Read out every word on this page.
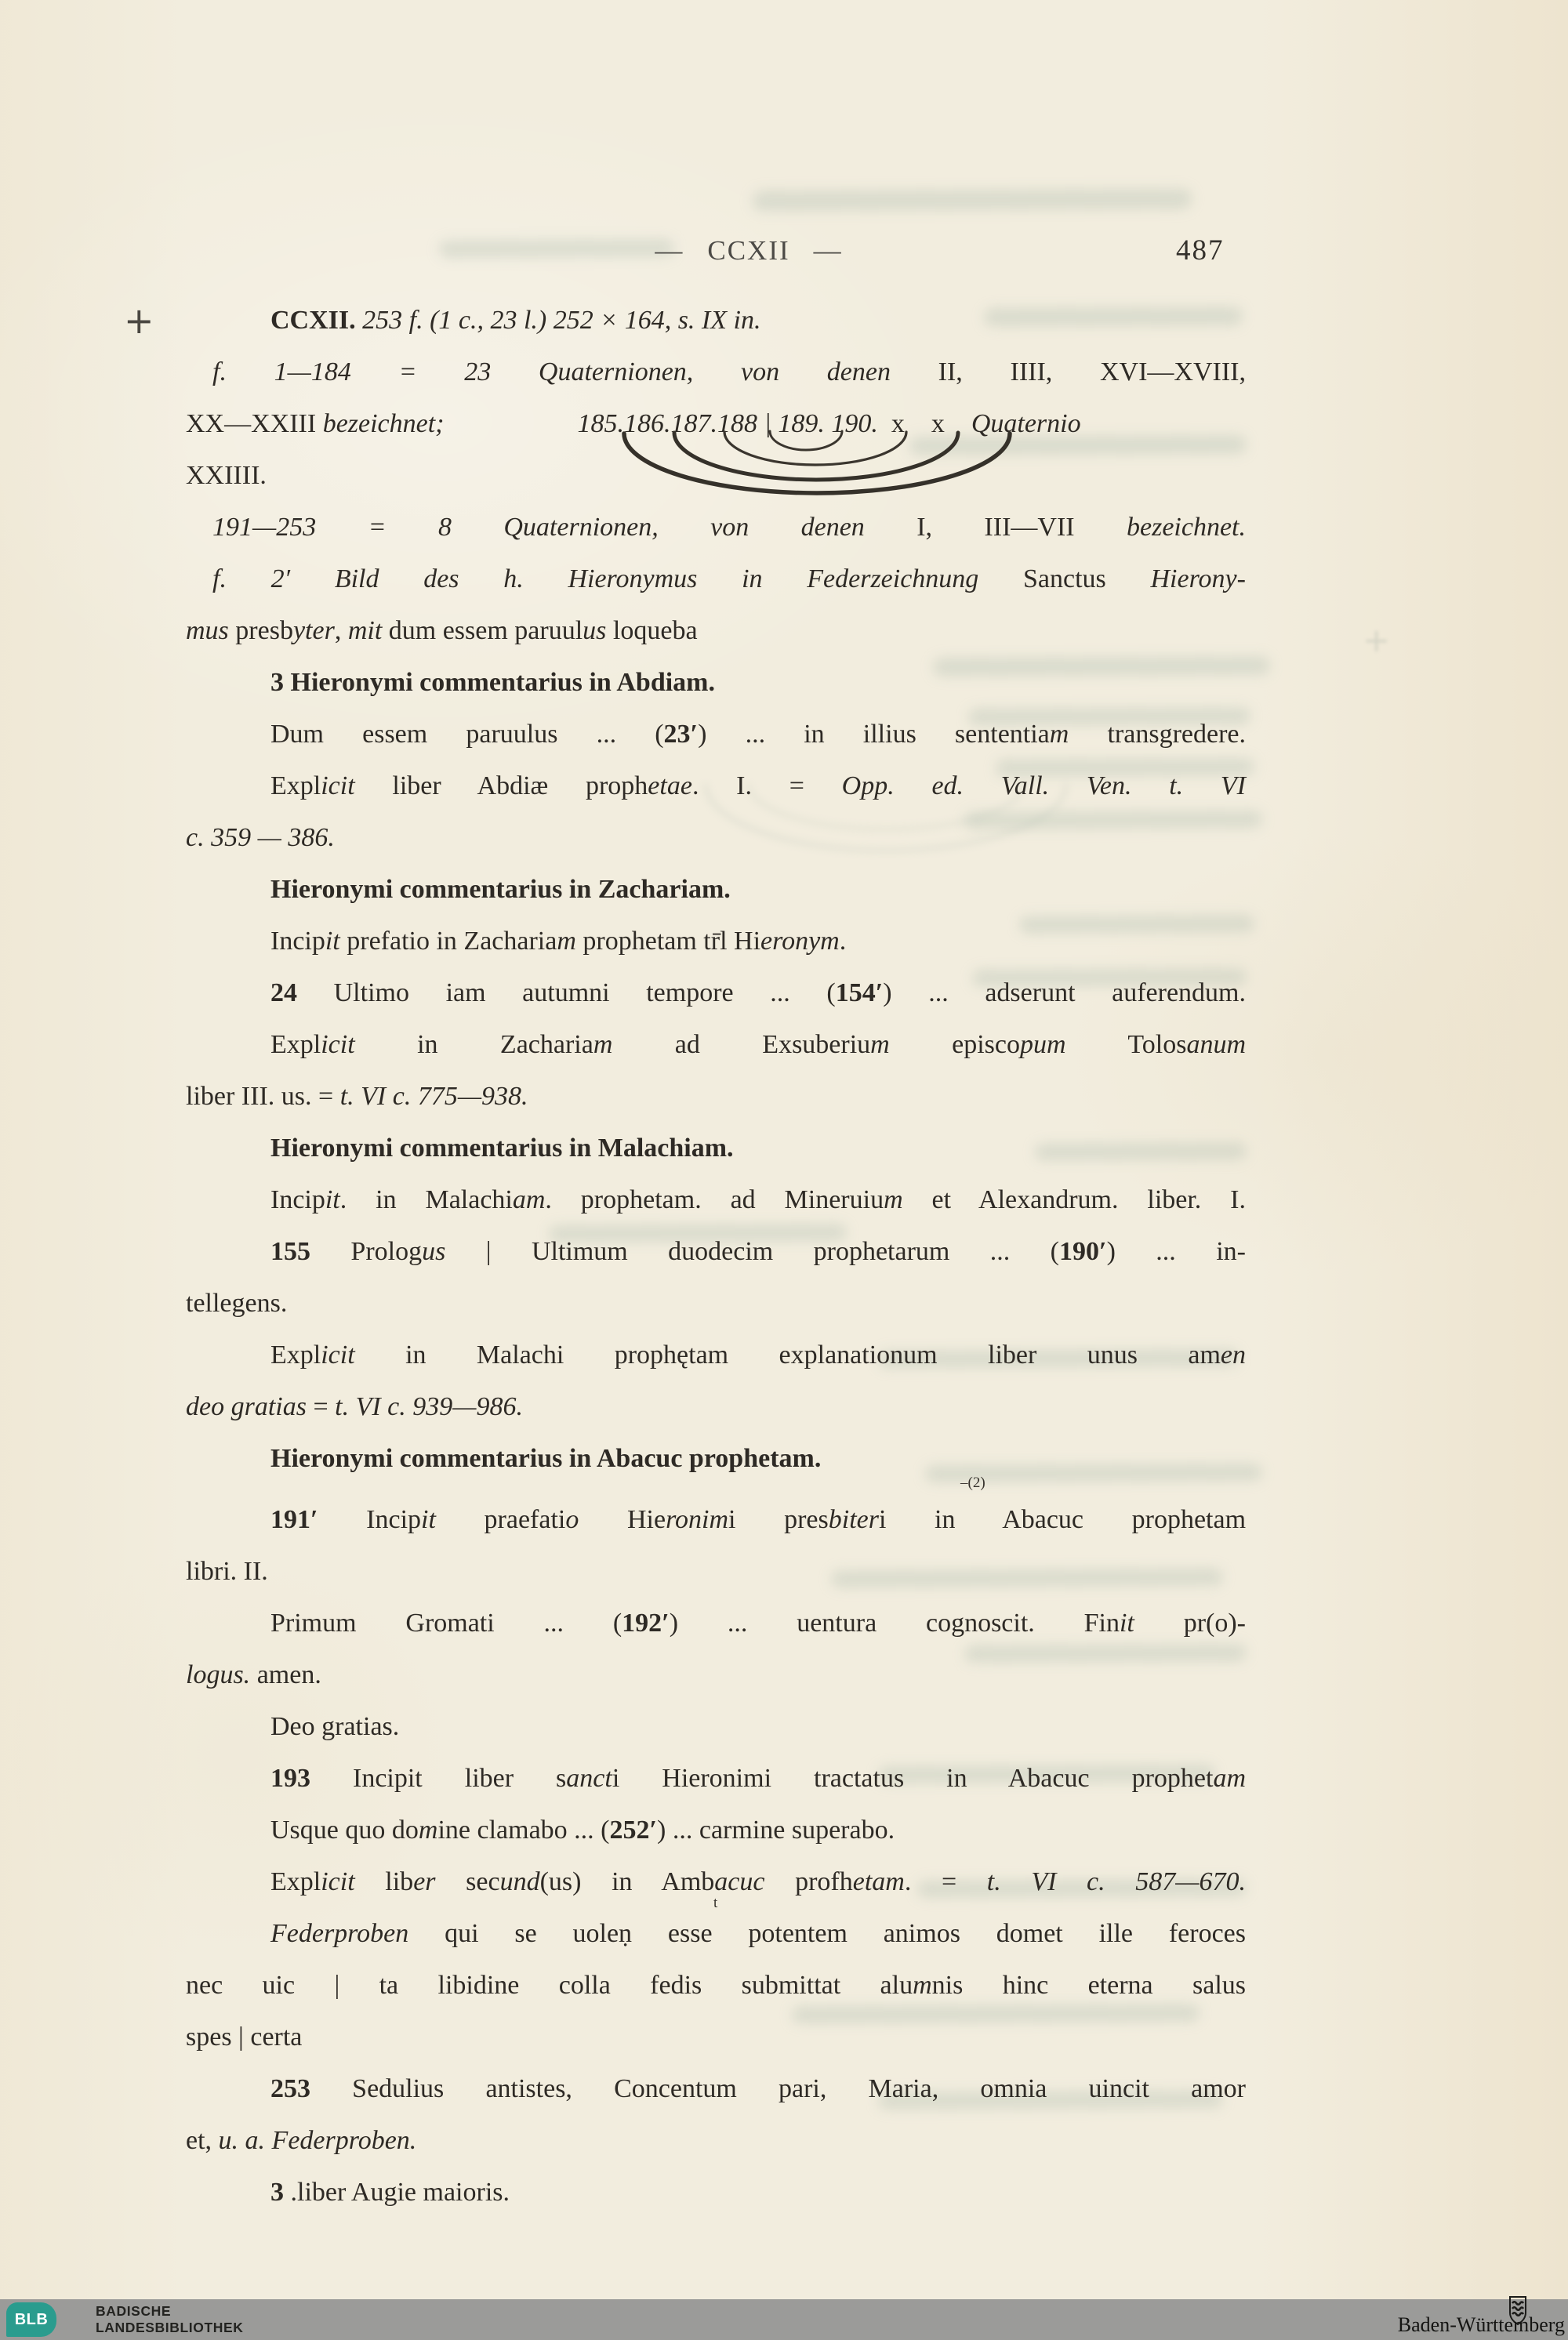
+
+
— CCXII —	487
CCXII. 253 f. (1 c., 23 l.) 252 × 164, s. IX in.
f. 1—184 = 23 Quaternionen, von denen II, IIII, XVI—XVIII,
XX—XXIII bezeichnet;     185.186.187.188 | 189. 190. x x Quaternio
XXIIII.
191—253 = 8 Quaternionen, von denen I, III—VII bezeichnet.
f. 2′ Bild des h. Hieronymus in Federzeichnung Sanctus Hierony-
mus presbyter, mit dum essem paruulus loqueba
3 Hieronymi commentarius in Abdiam.
Dum essem paruulus ... (23′) ... in illius sententiam transgredere.
Explicit liber Abdiæ prophetae. I. = Opp. ed. Vall. Ven. t. VI
c. 359 — 386.
Hieronymi commentarius in Zachariam.
Incipit prefatio in Zachariam prophetam tr̄l Hieronym.
24 Ultimo iam autumni tempore ... (154′) ... adserunt auferendum.
Explicit in Zachariam ad Exsuberium episcopum Tolosanum
liber III. us. = t. VI c. 775—938.
Hieronymi commentarius in Malachiam.
Incipit. in Malachiam. prophetam. ad Mineruium et Alexandrum. liber. I.
155 Prologus | Ultimum duodecim prophetarum ... (190′) ... in-
tellegens.
Explicit in Malachi prophętam explanationum liber unus amen
deo gratias = t. VI c. 939—986.
Hieronymi commentarius in Abacuc prophetam.
191′ Incipit praefatio Hieronimi presbiteri in Abacuc prophetam
–(2)
libri. II.
Primum Gromati ... (192′) ... uentura cognoscit. Finit pr(o)-
logus. amen.
Deo gratias.
193 Incipit liber sancti Hieronimi tractatus in Abacuc prophetam
Usque quo domine clamabo ... (252′) ... carmine superabo.
Explicit liber secund(us) in Ambacuc profhetam. = t. VI c. 587—670.
Federproben qui se uoleṇ esse potentem animos domet ille feroces
t
nec uic | ta libidine colla fedis submittat alumnis hinc eterna salus
spes | certa
253 Sedulius antistes, Concentum pari, Maria, omnia uincit amor
et, u. a. Federproben.
3 .liber Augie maioris.
BLB	BADISCHE
LANDESBIBLIOTHEK	Baden-Württemberg
